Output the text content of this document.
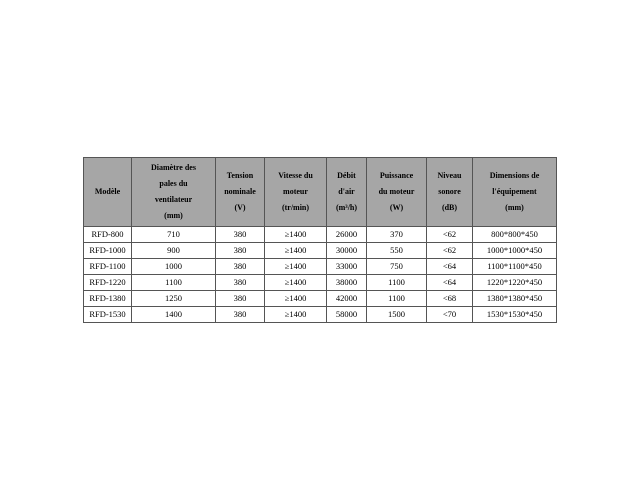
Modèle	Diamètre des
pales du
ventilateur
(mm)	Tension
nominale
(V)	Vitesse du
moteur
(tr/min)	Débit
d'air
(m³/h)	Puissance
du moteur
(W)	Niveau
sonore
(dB)	Dimensions de
l'équipement
(mm)
RFD-800	710	380	≥1400	26000	370	<62	800*800*450
RFD-1000	900	380	≥1400	30000	550	<62	1000*1000*450
RFD-1100	1000	380	≥1400	33000	750	<64	1100*1100*450
RFD-1220	1100	380	≥1400	38000	1100	<64	1220*1220*450
RFD-1380	1250	380	≥1400	42000	1100	<68	1380*1380*450
RFD-1530	1400	380	≥1400	58000	1500	<70	1530*1530*450
